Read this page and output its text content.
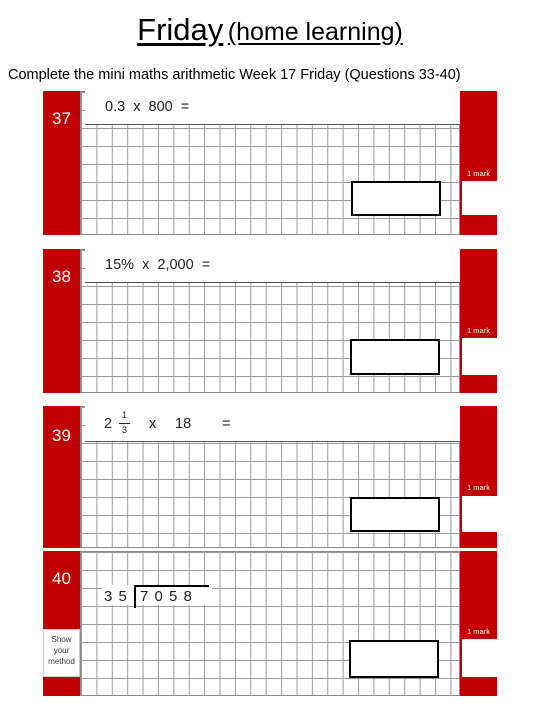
Friday (home learning)
Complete the mini maths arithmetic Week 17 Friday (Questions 33-40)
37
0.3  x  800  =
1 mark
38
15%  x  2,000  =
1 mark
39
2
1
3 x 18 =
1 mark
40
Show your method
3 5 7 0 5 8
1 mark
